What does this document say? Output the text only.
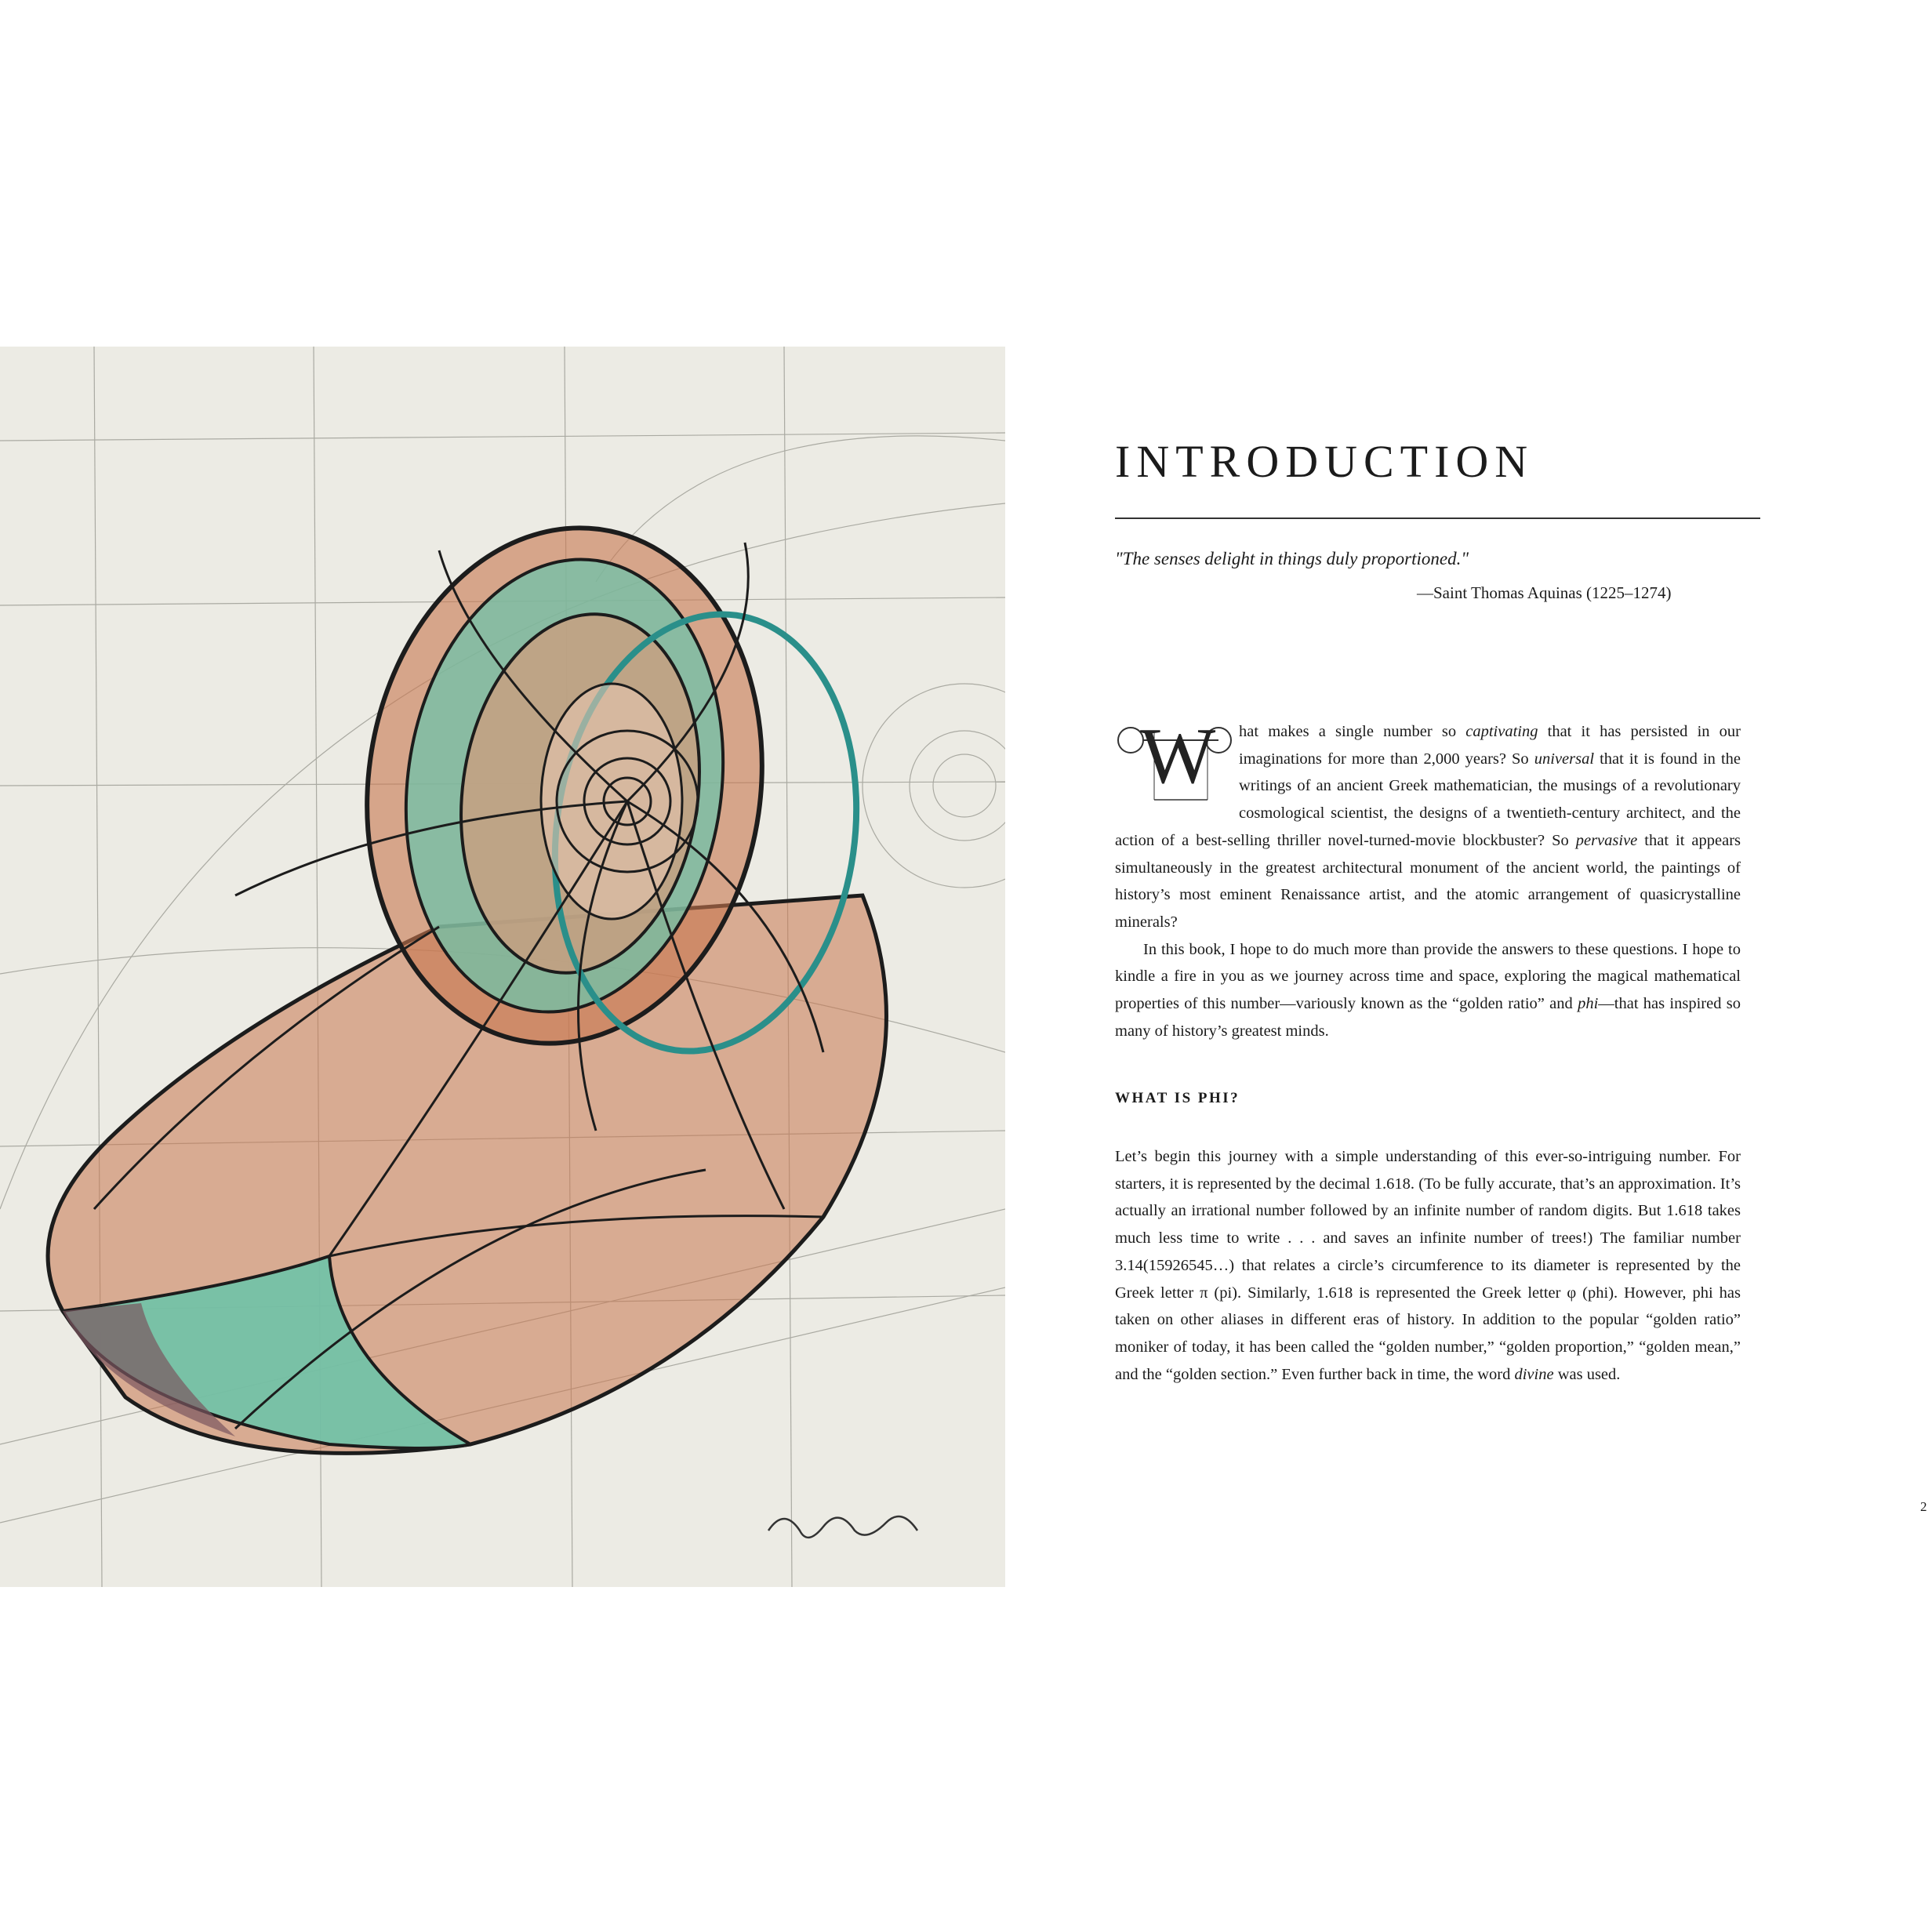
INTRODUCTION

"The senses delight in things duly proportioned."

—Saint Thomas Aquinas (1225–1274)

W hat makes a single number so captivating that it has persisted in our imaginations for more than 2,000 years? So universal that it is found in the writings of an ancient Greek mathematician, the musings of a revolutionary cosmological scientist, the designs of a twentieth-century architect, and the action of a best-selling thriller novel-turned-movie blockbuster? So pervasive that it appears simultaneously in the greatest architectural monument of the ancient world, the paintings of history’s most eminent Renaissance artist, and the atomic arrangement of quasicrystalline minerals?

In this book, I hope to do much more than provide the answers to these questions. I hope to kindle a fire in you as we journey across time and space, exploring the magical mathematical properties of this number—variously known as the “golden ratio” and phi—that has inspired so many of history’s greatest minds.

WHAT IS PHI?

Let’s begin this journey with a simple understanding of this ever-so-intriguing number. For starters, it is represented by the decimal 1.618. (To be fully accurate, that’s an approximation. It’s actually an irrational number followed by an infinite number of random digits. But 1.618 takes much less time to write . . . and saves an infinite number of trees!) The familiar number 3.14(15926545…) that relates a circle’s circumference to its diameter is represented by the Greek letter π (pi). Similarly, 1.618 is represented the Greek letter φ (phi). However, phi has taken on other aliases in different eras of history. In addition to the popular “golden ratio” moniker of today, it has been called the “golden number,” “golden proportion,” “golden mean,” and the “golden section.” Even further back in time, the word divine was used.

2
